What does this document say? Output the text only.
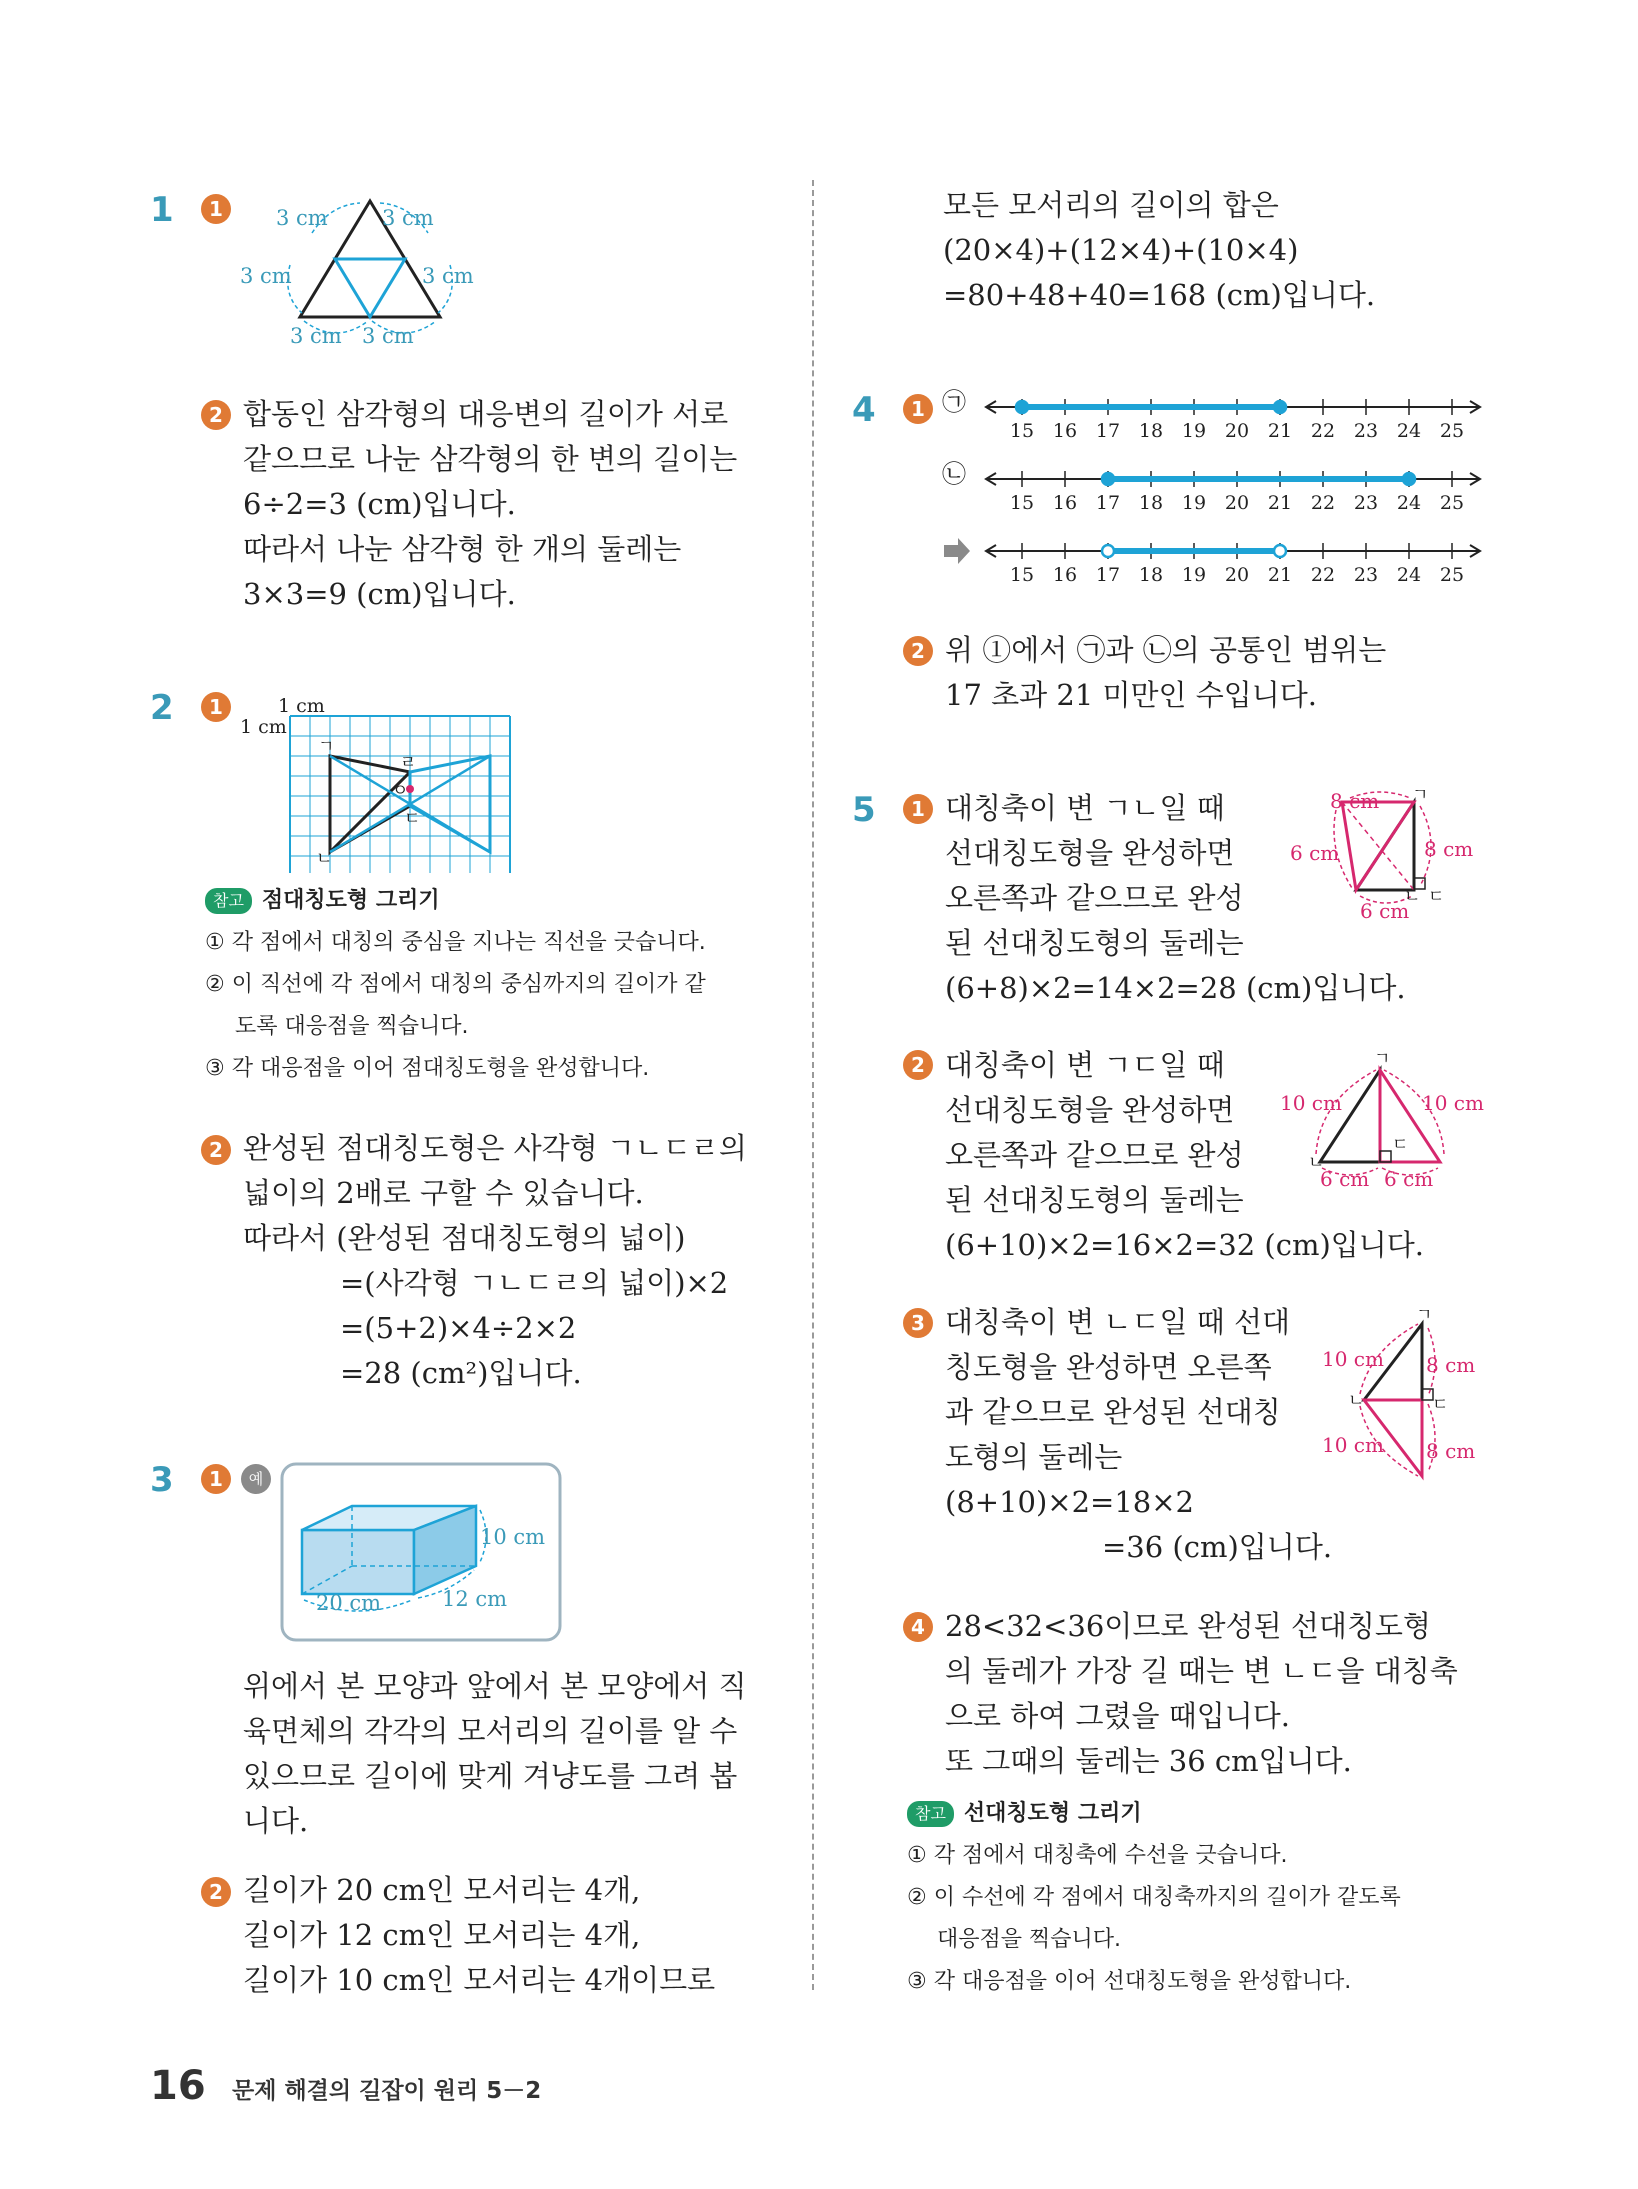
1	1	3 cm	3 cm
3 cm	3 cm
3 cm 3 cm
2 합동인 삼각형의 대응변의 길이가 서로
같으므로 나눈 삼각형의 한 변의 길이는
6÷2=3 (cm)입니다.
따라서 나눈 삼각형 한 개의 둘레는
3×3=9 (cm)입니다.
2	1	1 cm
1 cm
ㄱ
ㄴ
ㄷ
ㄹ
ㅇ
참고 점대칭도형 그리기
① 각 점에서 대칭의 중심을 지나는 직선을 긋습니다.
② 이 직선에 각 점에서 대칭의 중심까지의 길이가 같
도록 대응점을 찍습니다.
③ 각 대응점을 이어 점대칭도형을 완성합니다.
2 완성된 점대칭도형은 사각형 ㄱㄴㄷㄹ의
넓이의 2배로 구할 수 있습니다.
따라서 (완성된 점대칭도형의 넓이)
=(사각형 ㄱㄴㄷㄹ의 넓이)×2
=(5+2)×4÷2×2
=28 (cm²)입니다.
3	1	예
10 cm
20 cm	12 cm
위에서 본 모양과 앞에서 본 모양에서 직
육면체의 각각의 모서리의 길이를 알 수
있으므로 길이에 맞게 겨냥도를 그려 봅
니다.
2 길이가 20 cm인 모서리는 4개,
길이가 12 cm인 모서리는 4개,
길이가 10 cm인 모서리는 4개이므로
모든 모서리의 길이의 합은
(20×4)+(12×4)+(10×4)
=80+48+40=168 (cm)입니다.
4	1
15 16 17 18 19 20 21 22 23 24 25
15 16 17 18 19 20 21 22 23 24 25
15 16 17 18 19 20 21 22 23 24 25
㉠
㉡
2 위 ①에서 ㉠과 ㉡의 공통인 범위는
17 초과 21 미만인 수입니다.
5	1 대칭축이 변 ㄱㄴ일 때
선대칭도형을 완성하면
오른쪽과 같으므로 완성
된 선대칭도형의 둘레는
(6+8)×2=14×2=28 (cm)입니다.
8 cm
6 cm	8 cm
6 cm
ㄱ
ㄴ ㄷ
2 대칭축이 변 ㄱㄷ일 때
선대칭도형을 완성하면
오른쪽과 같으므로 완성
된 선대칭도형의 둘레는
(6+10)×2=16×2=32 (cm)입니다.
10 cm	10 cm
6 cm 6 cm
ㄱ
ㄴ
ㄷ
3 대칭축이 변 ㄴㄷ일 때 선대
칭도형을 완성하면 오른쪽
과 같으므로 완성된 선대칭
도형의 둘레는
(8+10)×2=18×2
=36 (cm)입니다.
10 cm 8 cm
10 cm 8 cm
ㄱ
ㄴ	ㄷ
4 28<32<36이므로 완성된 선대칭도형
의 둘레가 가장 길 때는 변 ㄴㄷ을 대칭축
으로 하여 그렸을 때입니다.
또 그때의 둘레는 36 cm입니다.
참고 선대칭도형 그리기
① 각 점에서 대칭축에 수선을 긋습니다.
② 이 수선에 각 점에서 대칭축까지의 길이가 같도록
대응점을 찍습니다.
③ 각 대응점을 이어 선대칭도형을 완성합니다.
16 문제 해결의 길잡이 원리 5－2
